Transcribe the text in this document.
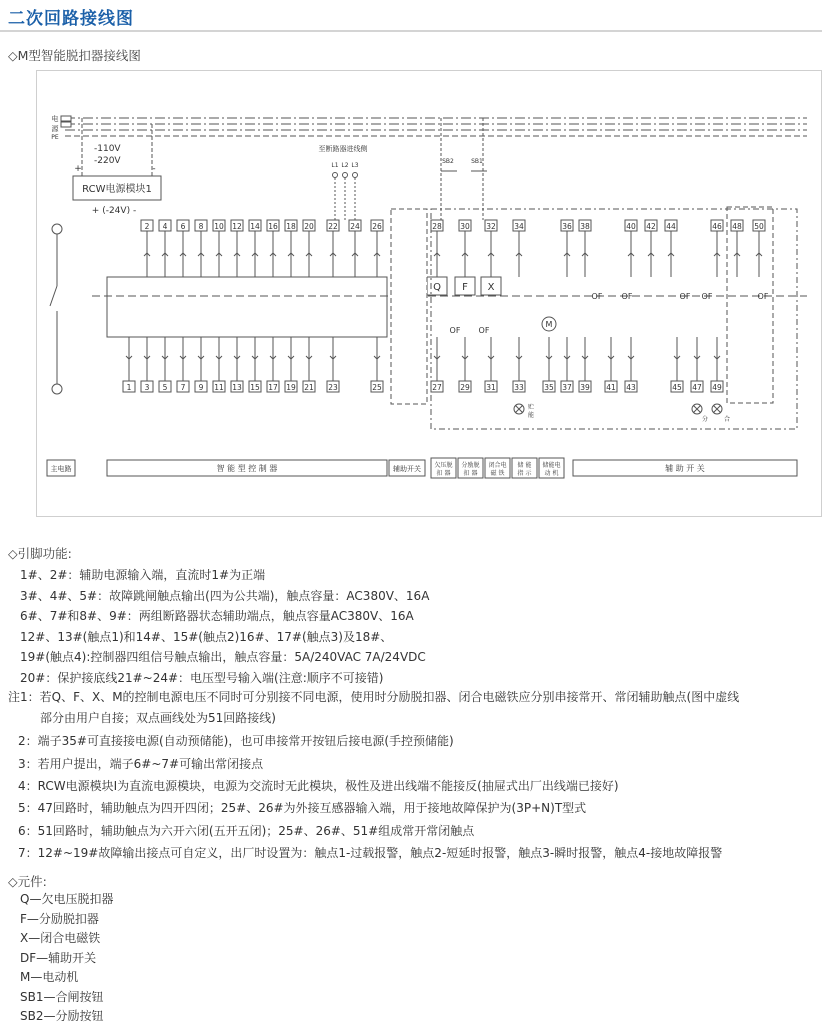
二次回路接线图
◇M型智能脱扣器接线图
电
源
PE
-110V
-220V
+	-
RCW电源模块1
+ (-24V) -
2 4 6 8 10 12 14 16 18 20 22 24 26	28 30 32 34	36 38	40 42 44	46 48 50
1 3 5 7 9 11 13 15 17 19 21 23	25	27 29 31 33	35 37 39 41 43	45 47 49
至断路器进线侧
L1 L2 L3
SB2	SB1
Q F X
M
OF OF
OF OF	OF OF	OF
贮
能
分	合
主电路	智 能 型 控 制 器	辅助开关 欠压脱
扣 器
分励脱
扣 器
闭合电
磁 铁
储 能
指 示
储能电
动 机
辅 助 开 关
◇引脚功能:
1#、2#：辅助电源输入端，直流时1#为正端
3#、4#、5#：故障跳闸触点输出(四为公共端)，触点容量：AC380V、16A
6#、7#和8#、9#：两组断路器状态辅助端点，触点容量AC380V、16A
12#、13#(触点1)和14#、15#(触点2)16#、17#(触点3)及18#、
19#(触点4):控制器四组信号触点输出，触点容量：5A/240VAC 7A/24VDC
20#：保护接底线21#~24#：电压型号输入端(注意:顺序不可接错)
注1：若Q、F、X、M的控制电源电压不同时可分别接不同电源，使用时分励脱扣器、闭合电磁铁应分别串接常开、常闭辅助触点(图中虚线
部分由用户自接；双点画线处为51回路接线)
2：端子35#可直接接电源(自动预储能)，也可串接常开按钮后接电源(手控预储能)
3：若用户提出，端子6#~7#可输出常闭接点
4：RCW电源模块I为直流电源模块，电源为交流时无此模块，极性及进出线端不能接反(抽屉式出厂出线端已接好)
5：47回路时，辅助触点为四开四闭；25#、26#为外接互感器输入端，用于接地故障保护为(3P+N)T型式
6：51回路时，辅助触点为六开六闭(五开五闭)；25#、26#、51#组成常开常闭触点
7：12#~19#故障输出接点可自定义，出厂时设置为：触点1-过载报警，触点2-短延时报警，触点3-瞬时报警，触点4-接地故障报警
◇元件:
Q—欠电压脱扣器
F—分励脱扣器
X—闭合电磁铁
DF—辅助开关
M—电动机
SB1—合闸按钮
SB2—分励按钮
